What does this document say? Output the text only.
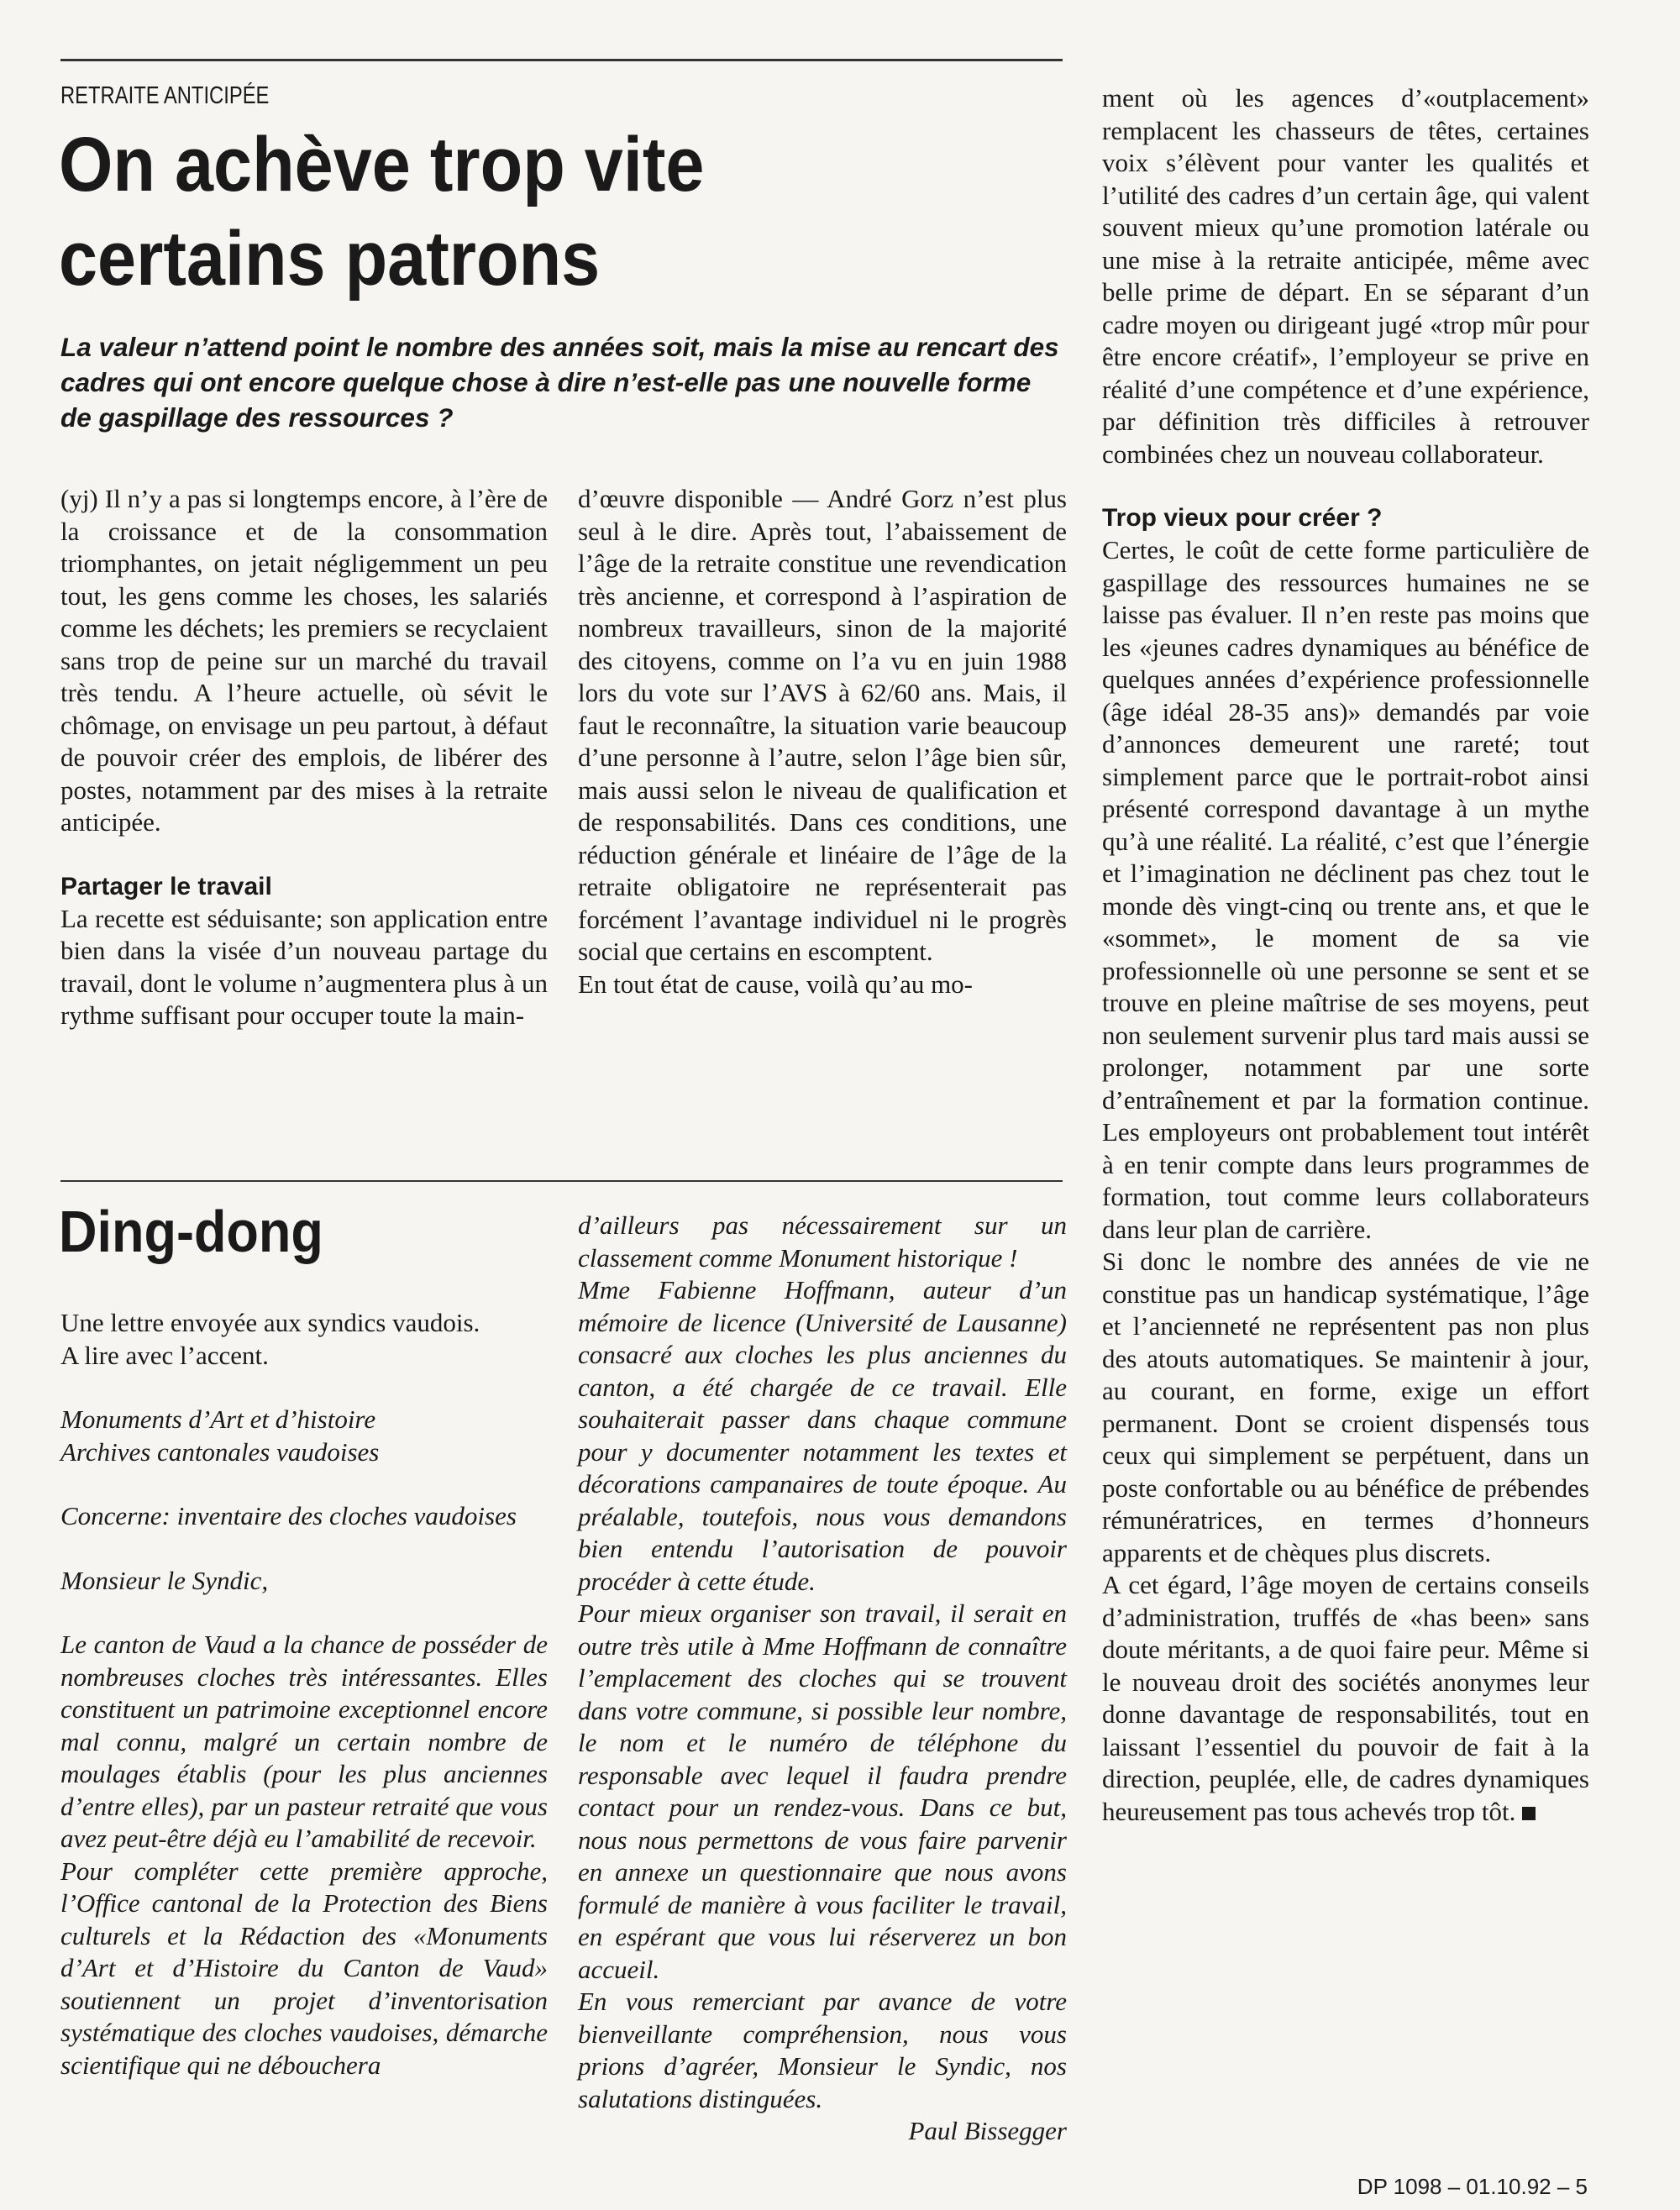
RETRAITE ANTICIPÉE
On achève trop vite certains patrons

La valeur n’attend point le nombre des années soit, mais la mise au rencart des cadres qui ont encore quelque chose à dire n’est-elle pas une nouvelle forme de gaspillage des ressources ?

(yj) Il n’y a pas si longtemps encore, à l’ère de la croissance et de la consommation triomphantes, on jetait négligemment un peu tout, les gens comme les choses, les salariés comme les déchets; les premiers se recyclaient sans trop de peine sur un marché du travail très tendu. A l’heure actuelle, où sévit le chômage, on envisage un peu partout, à défaut de pouvoir créer des emplois, de libérer des postes, notamment par des mises à la retraite anticipée.

Partager le travail

La recette est séduisante; son application entre bien dans la visée d’un nouveau partage du travail, dont le volume n’augmentera plus à un rythme suffisant pour occuper toute la main-

d’œuvre disponible — André Gorz n’est plus seul à le dire. Après tout, l’abaissement de l’âge de la retraite constitue une revendication très ancienne, et correspond à l’aspiration de nombreux travailleurs, sinon de la majorité des citoyens, comme on l’a vu en juin 1988 lors du vote sur l’AVS à 62/60 ans. Mais, il faut le reconnaître, la situation varie beaucoup d’une personne à l’autre, selon l’âge bien sûr, mais aussi selon le niveau de qualification et de responsabilités. Dans ces conditions, une réduction générale et linéaire de l’âge de la retraite obligatoire ne représenterait pas forcément l’avantage individuel ni le progrès social que certains en escomptent.

En tout état de cause, voilà qu’au mo-

ment où les agences d’«outplacement» remplacent les chasseurs de têtes, certaines voix s’élèvent pour vanter les qualités et l’utilité des cadres d’un certain âge, qui valent souvent mieux qu’une promotion latérale ou une mise à la retraite anticipée, même avec belle prime de départ. En se séparant d’un cadre moyen ou dirigeant jugé «trop mûr pour être encore créatif», l’employeur se prive en réalité d’une compétence et d’une expérience, par définition très difficiles à retrouver combinées chez un nouveau collaborateur.

Trop vieux pour créer ?

Certes, le coût de cette forme particulière de gaspillage des ressources humaines ne se laisse pas évaluer. Il n’en reste pas moins que les «jeunes cadres dynamiques au bénéfice de quelques années d’expérience professionnelle (âge idéal 28-35 ans)» demandés par voie d’annonces demeurent une rareté; tout simplement parce que le portrait-robot ainsi présenté correspond davantage à un mythe qu’à une réalité. La réalité, c’est que l’énergie et l’imagination ne déclinent pas chez tout le monde dès vingt-cinq ou trente ans, et que le «sommet», le moment de sa vie professionnelle où une personne se sent et se trouve en pleine maîtrise de ses moyens, peut non seulement survenir plus tard mais aussi se prolonger, notamment par une sorte d’entraînement et par la formation continue. Les employeurs ont probablement tout intérêt à en tenir compte dans leurs programmes de formation, tout comme leurs collaborateurs dans leur plan de carrière.

Si donc le nombre des années de vie ne constitue pas un handicap systématique, l’âge et l’ancienneté ne représentent pas non plus des atouts automatiques. Se maintenir à jour, au courant, en forme, exige un effort permanent. Dont se croient dispensés tous ceux qui simplement se perpétuent, dans un poste confortable ou au bénéfice de prébendes rémunératrices, en termes d’honneurs apparents et de chèques plus discrets.

A cet égard, l’âge moyen de certains conseils d’administration, truffés de «has been» sans doute méritants, a de quoi faire peur. Même si le nouveau droit des sociétés anonymes leur donne davantage de responsabilités, tout en laissant l’essentiel du pouvoir de fait à la direction, peuplée, elle, de cadres dynamiques heureusement pas tous achevés trop tôt.

Ding-dong

Une lettre envoyée aux syndics vaudois.

A lire avec l’accent.

Monuments d’Art et d’histoire

Archives cantonales vaudoises

Concerne: inventaire des cloches vaudoises

Monsieur le Syndic,

Le canton de Vaud a la chance de posséder de nombreuses cloches très intéressantes. Elles constituent un patrimoine exceptionnel encore mal connu, malgré un certain nombre de moulages établis (pour les plus anciennes d’entre elles), par un pasteur retraité que vous avez peut-être déjà eu l’amabilité de recevoir.

Pour compléter cette première approche, l’Office cantonal de la Protection des Biens culturels et la Rédaction des «Monuments d’Art et d’Histoire du Canton de Vaud» soutiennent un projet d’inventorisation systématique des cloches vaudoises, démarche scientifique qui ne débouchera

d’ailleurs pas nécessairement sur un classement comme Monument historique !

Mme Fabienne Hoffmann, auteur d’un mémoire de licence (Université de Lausanne) consacré aux cloches les plus anciennes du canton, a été chargée de ce travail. Elle souhaiterait passer dans chaque commune pour y documenter notamment les textes et décorations campanaires de toute époque. Au préalable, toutefois, nous vous demandons bien entendu l’autorisation de pouvoir procéder à cette étude.

Pour mieux organiser son travail, il serait en outre très utile à Mme Hoffmann de connaître l’emplacement des cloches qui se trouvent dans votre commune, si possible leur nombre, le nom et le numéro de téléphone du responsable avec lequel il faudra prendre contact pour un rendez-vous. Dans ce but, nous nous permettons de vous faire parvenir en annexe un questionnaire que nous avons formulé de manière à vous faciliter le travail, en espérant que vous lui réserverez un bon accueil.

En vous remerciant par avance de votre bienveillante compréhension, nous vous prions d’agréer, Monsieur le Syndic, nos salutations distinguées.

Paul Bissegger

DP 1098 – 01.10.92 – 5
